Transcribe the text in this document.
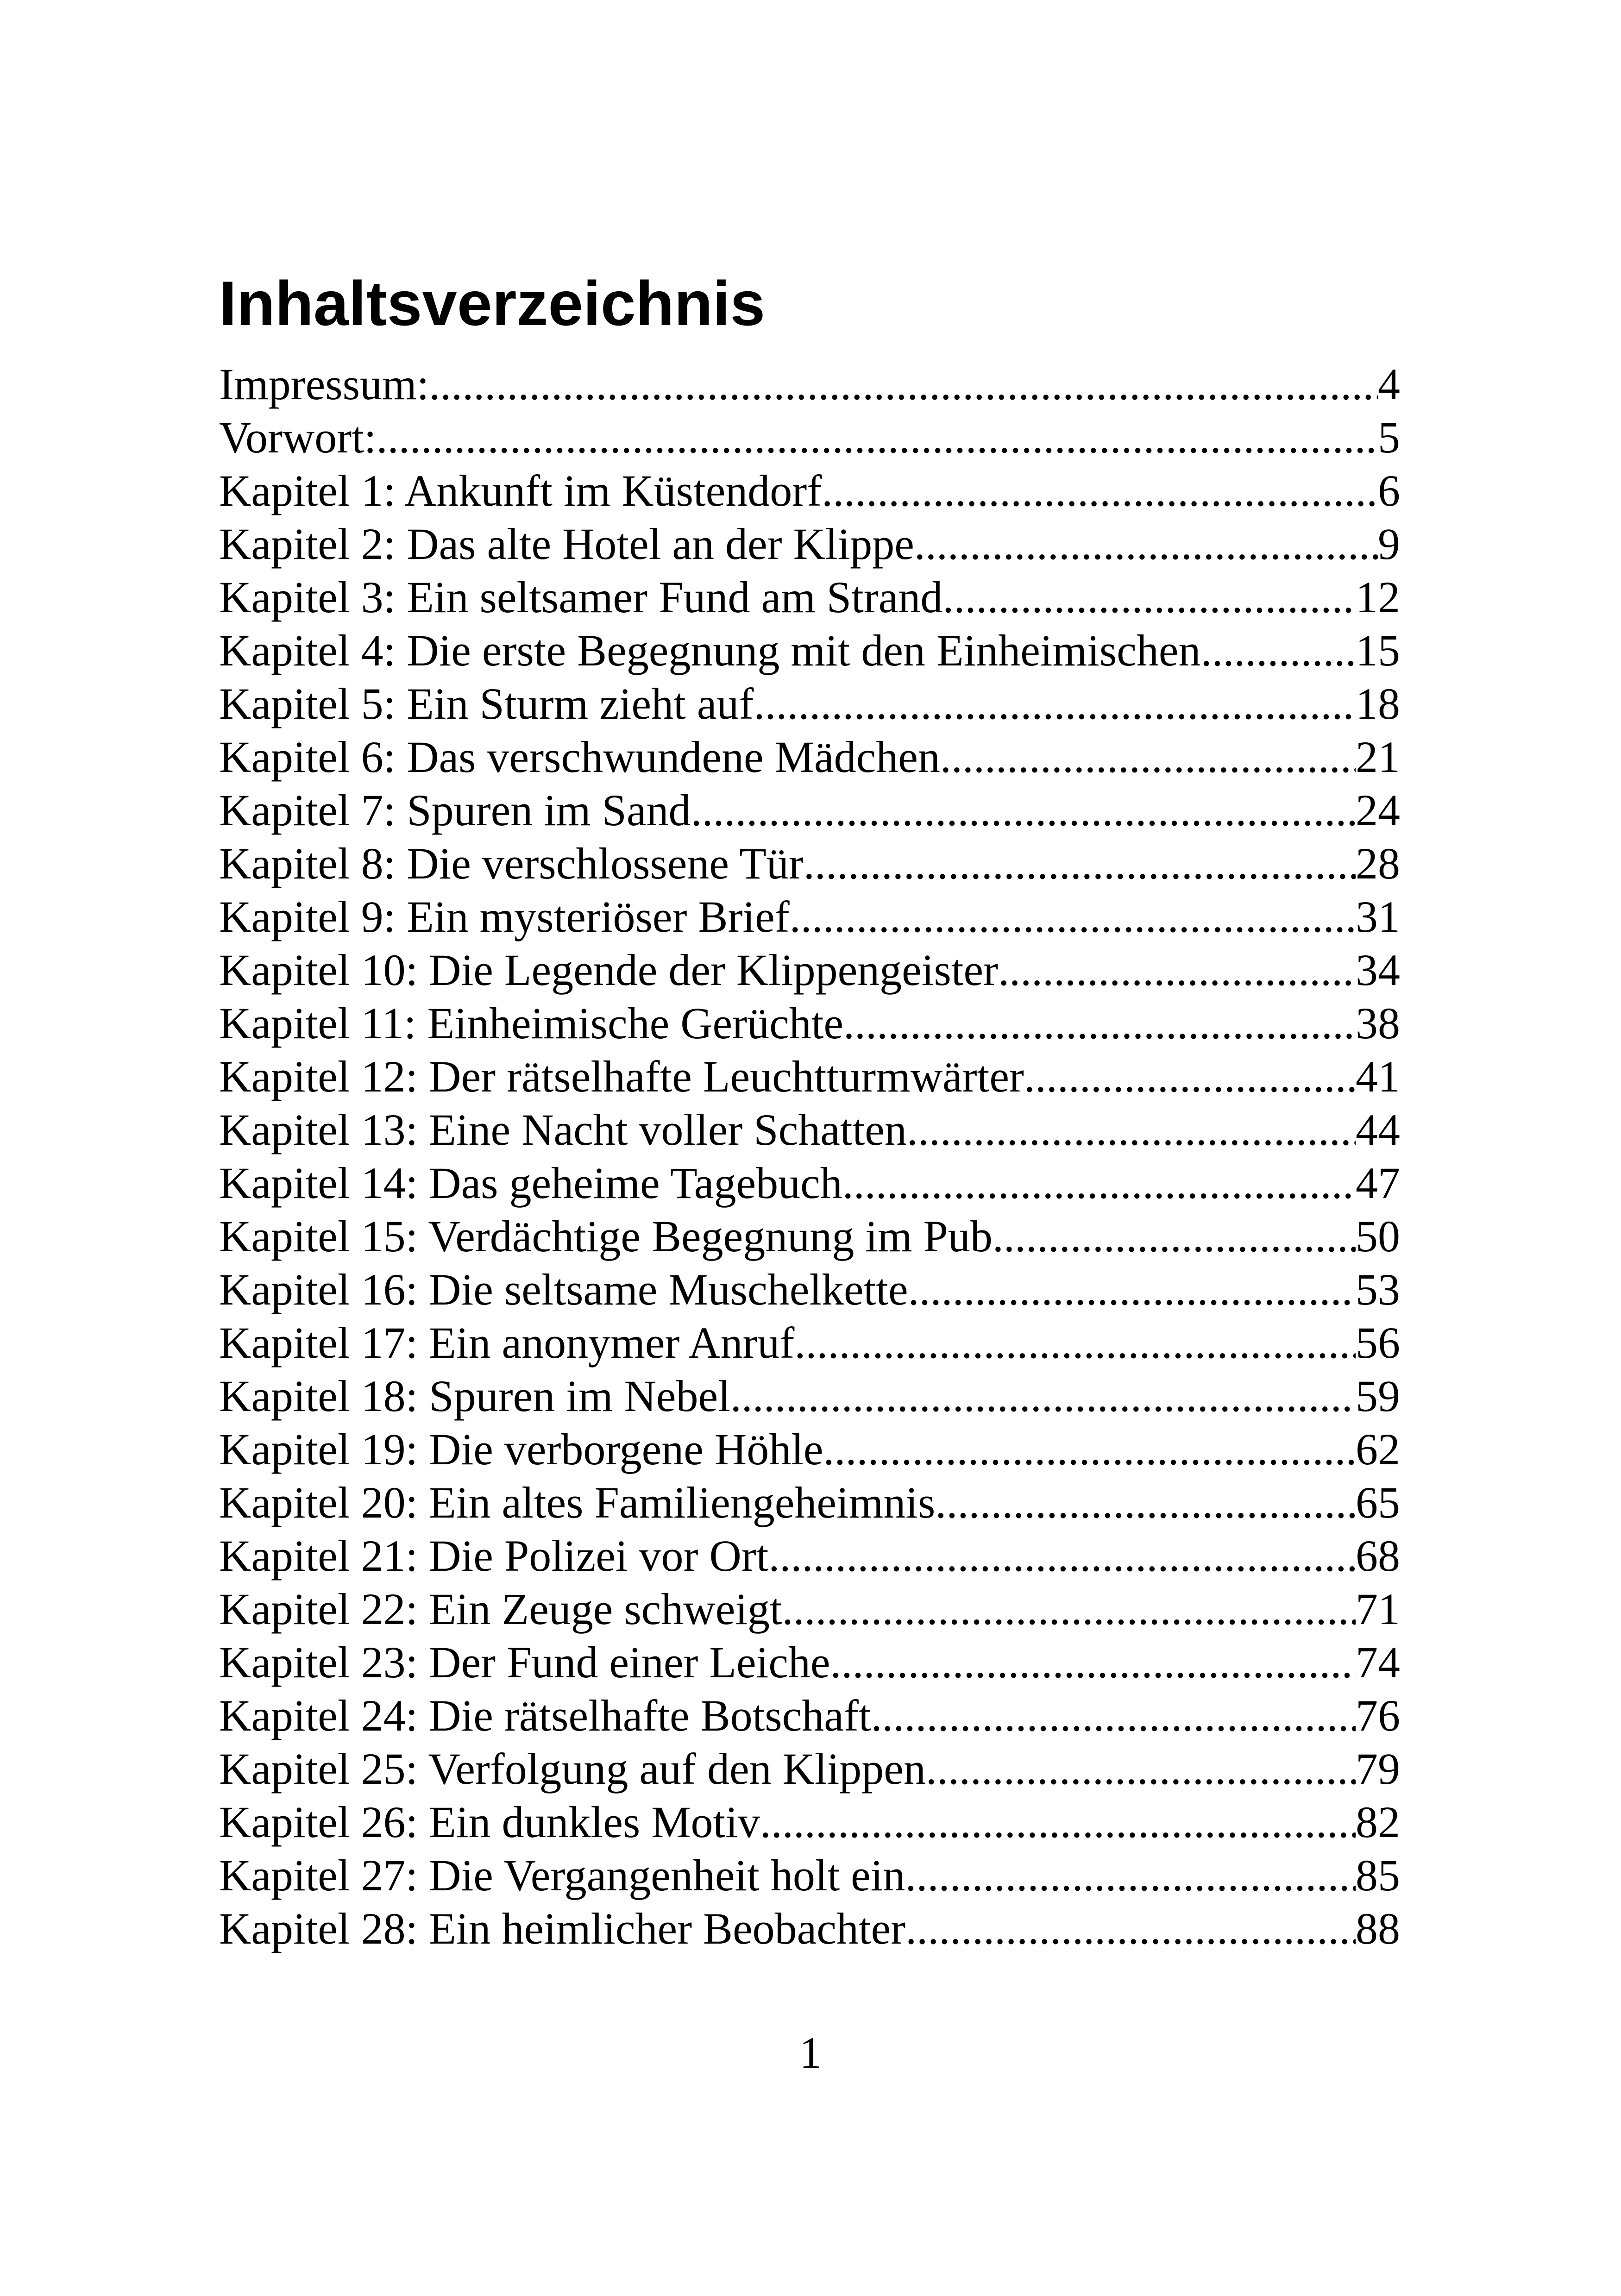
Inhaltsverzeichnis
Impressum: .....	4
Vorwort: .....	5
Kapitel 1: Ankunft im Küstendorf .....	6
Kapitel 2: Das alte Hotel an der Klippe .....	9
Kapitel 3: Ein seltsamer Fund am Strand .....	12
Kapitel 4: Die erste Begegnung mit den Einheimischen .....	15
Kapitel 5: Ein Sturm zieht auf .....	18
Kapitel 6: Das verschwundene Mädchen .....	21
Kapitel 7: Spuren im Sand .....	24
Kapitel 8: Die verschlossene Tür .....	28
Kapitel 9: Ein mysteriöser Brief .....	31
Kapitel 10: Die Legende der Klippengeister .....	34
Kapitel 11: Einheimische Gerüchte .....	38
Kapitel 12: Der rätselhafte Leuchtturmwärter .....	41
Kapitel 13: Eine Nacht voller Schatten .....	44
Kapitel 14: Das geheime Tagebuch .....	47
Kapitel 15: Verdächtige Begegnung im Pub .....	50
Kapitel 16: Die seltsame Muschelkette .....	53
Kapitel 17: Ein anonymer Anruf .....	56
Kapitel 18: Spuren im Nebel .....	59
Kapitel 19: Die verborgene Höhle .....	62
Kapitel 20: Ein altes Familiengeheimnis .....	65
Kapitel 21: Die Polizei vor Ort .....	68
Kapitel 22: Ein Zeuge schweigt .....	71
Kapitel 23: Der Fund einer Leiche .....	74
Kapitel 24: Die rätselhafte Botschaft .....	76
Kapitel 25: Verfolgung auf den Klippen .....	79
Kapitel 26: Ein dunkles Motiv .....	82
Kapitel 27: Die Vergangenheit holt ein .....	85
Kapitel 28: Ein heimlicher Beobachter .....	88
1
